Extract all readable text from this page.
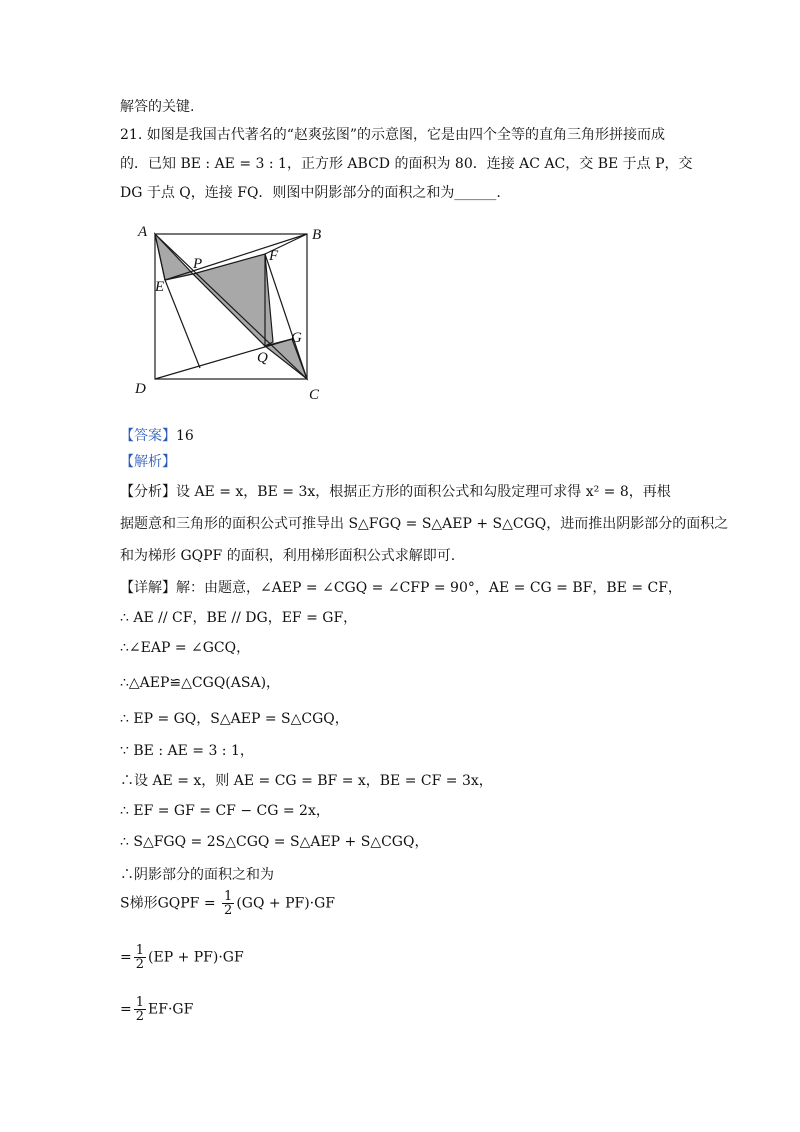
解答的关键.
21. 如图是我国古代著名的“赵爽弦图”的示意图，它是由四个全等的直角三角形拼接而成
的．已知 BE : AE = 3 : 1，正方形 ABCD 的面积为 80．连接 AC AC，交 BE 于点 P，交
DG 于点 Q，连接 FQ．则图中阴影部分的面积之和为______.
A	B
C
D
E
F
G
P
Q
【答案】16
【解析】
【分析】设 AE = x，BE = 3x，根据正方形的面积公式和勾股定理可求得 x² = 8，再根
据题意和三角形的面积公式可推导出 S△FGQ = S△AEP + S△CGQ，进而推出阴影部分的面积之
和为梯形 GQPF 的面积，利用梯形面积公式求解即可.
【详解】解：由题意，∠AEP = ∠CGQ = ∠CFP = 90°，AE = CG = BF，BE = CF，
∴ AE // CF，BE // DG，EF = GF，
∴∠EAP = ∠GCQ，
∴△AEP≌△CGQ(ASA)，
∴ EP = GQ，S△AEP = S△CGQ，
∵ BE : AE = 3 : 1，
∴设 AE = x，则 AE = CG = BF = x，BE = CF = 3x，
∴ EF = GF = CF − CG = 2x，
∴ S△FGQ = 2S△CGQ = S△AEP + S△CGQ，
∴阴影部分的面积之和为
S梯形GQPF = $\frac{1}{2} (GQ + PF)\cdot GF$
= $\frac{1}{2} (EP + PF)\cdot GF$
= $\frac{1}{2} EF\cdot GF$
